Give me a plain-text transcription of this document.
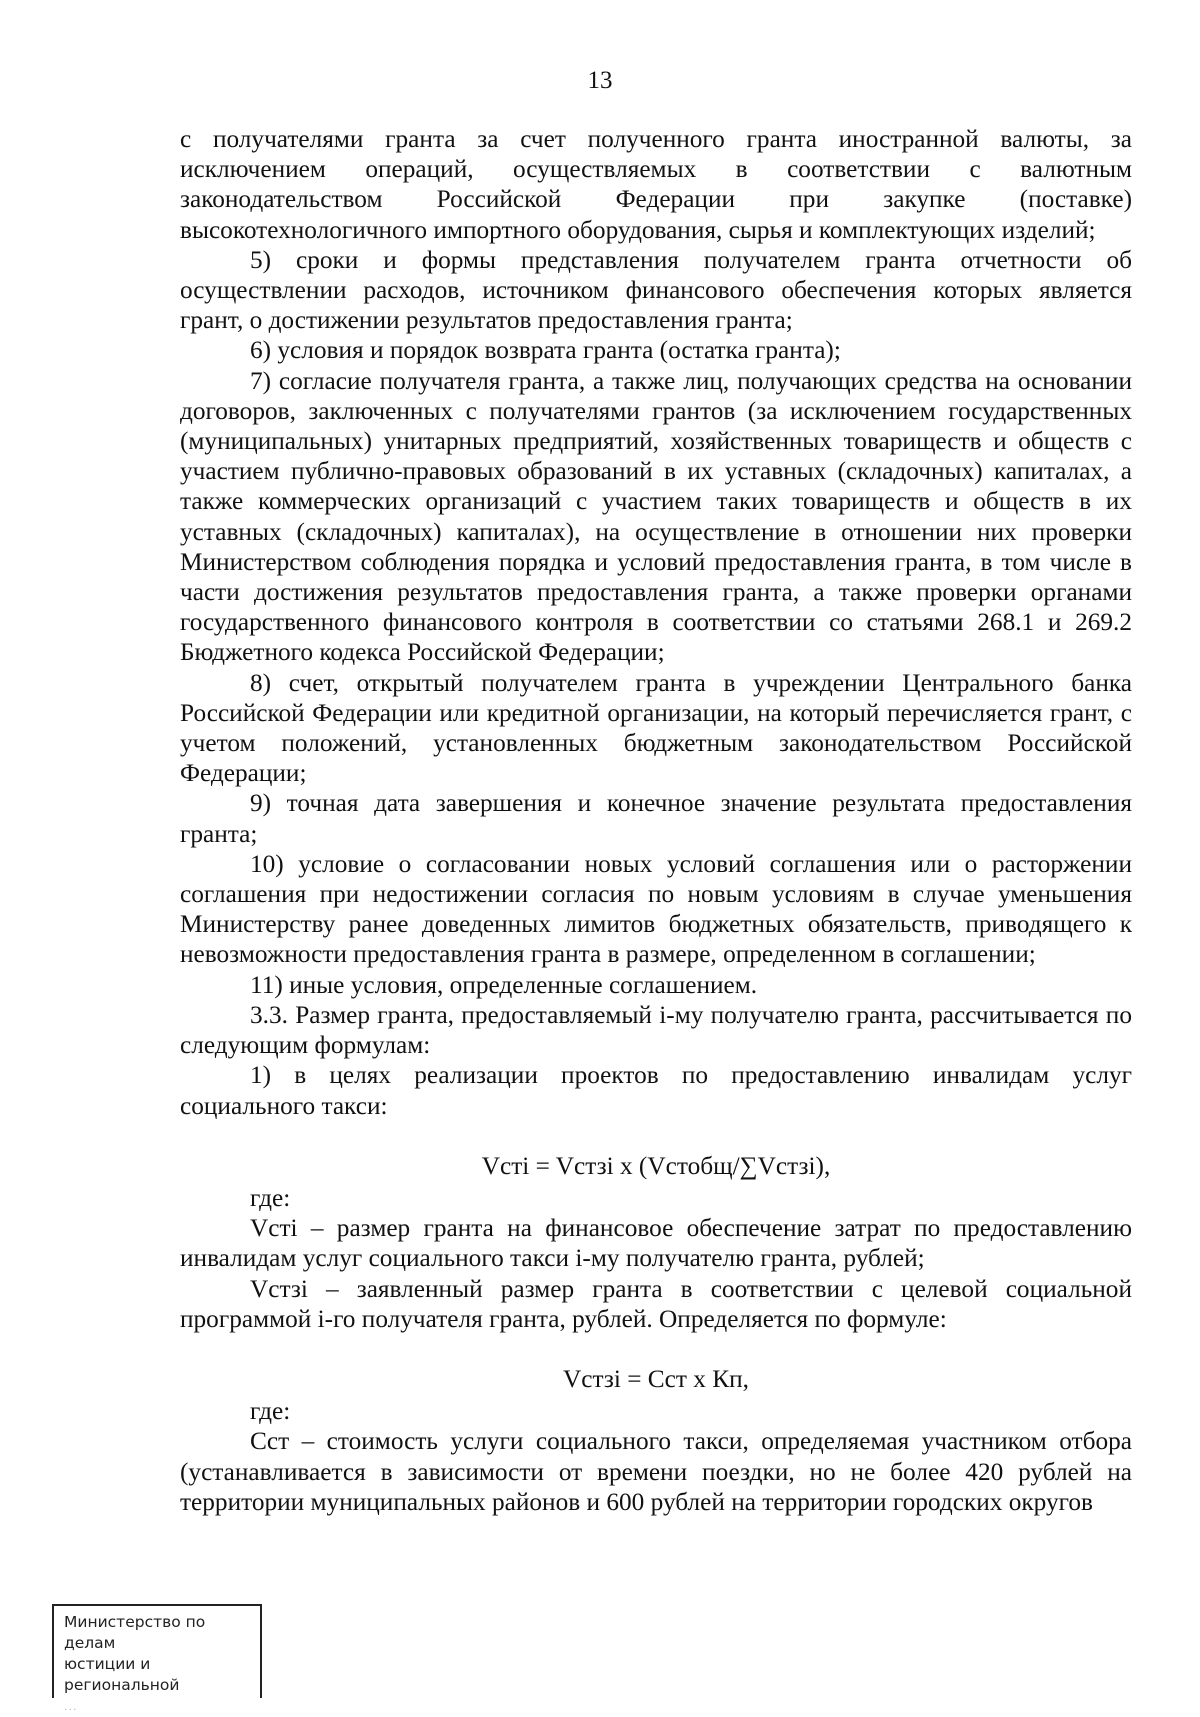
13

с получателями гранта за счет полученного гранта иностранной валюты, за исключением операций, осуществляемых в соответствии с валютным законодательством Российской Федерации при закупке (поставке) высокотехнологичного импортного оборудования, сырья и комплектующих изделий;

5) сроки и формы представления получателем гранта отчетности об осуществлении расходов, источником финансового обеспечения которых является грант, о достижении результатов предоставления гранта;

6) условия и порядок возврата гранта (остатка гранта);

7) согласие получателя гранта, а также лиц, получающих средства на основании договоров, заключенных с получателями грантов (за исключением государственных (муниципальных) унитарных предприятий, хозяйственных товариществ и обществ с участием публично-правовых образований в их уставных (складочных) капиталах, а также коммерческих организаций с участием таких товариществ и обществ в их уставных (складочных) капиталах), на осуществление в отношении них проверки Министерством соблюдения порядка и условий предоставления гранта, в том числе в части достижения результатов предоставления гранта, а также проверки органами государственного финансового контроля в соответствии со статьями 268.1 и 269.2 Бюджетного кодекса Российской Федерации;

8) счет, открытый получателем гранта в учреждении Центрального банка Российской Федерации или кредитной организации, на который перечисляется грант, с учетом положений, установленных бюджетным законодательством Российской Федерации;

9) точная дата завершения и конечное значение результата предоставления гранта;

10) условие о согласовании новых условий соглашения или о расторжении соглашения при недостижении согласия по новым условиям в случае уменьшения Министерству ранее доведенных лимитов бюджетных обязательств, приводящего к невозможности предоставления гранта в размере, определенном в соглашении;

11) иные условия, определенные соглашением.

3.3. Размер гранта, предоставляемый i-му получателю гранта, рассчитывается по следующим формулам:

1) в целях реализации проектов по предоставлению инвалидам услуг социального такси:

Vcтi = Vcтзi x (Vcтобщ/∑Vcтзi),

где:

Vcтi – размер гранта на финансовое обеспечение затрат по предоставлению инвалидам услуг социального такси i-му получателю гранта, рублей;

Vcтзi – заявленный размер гранта в соответствии с целевой социальной программой i-го получателя гранта, рублей. Определяется по формуле:

Vcтзi = Ccт x Кп,

где:

Сcт – стоимость услуги социального такси, определяемая участником отбора (устанавливается в зависимости от времени поездки, но не более 420 рублей на территории муниципальных районов и 600 рублей на территории городских округов

Министерство по делам
юстиции и региональной
...
